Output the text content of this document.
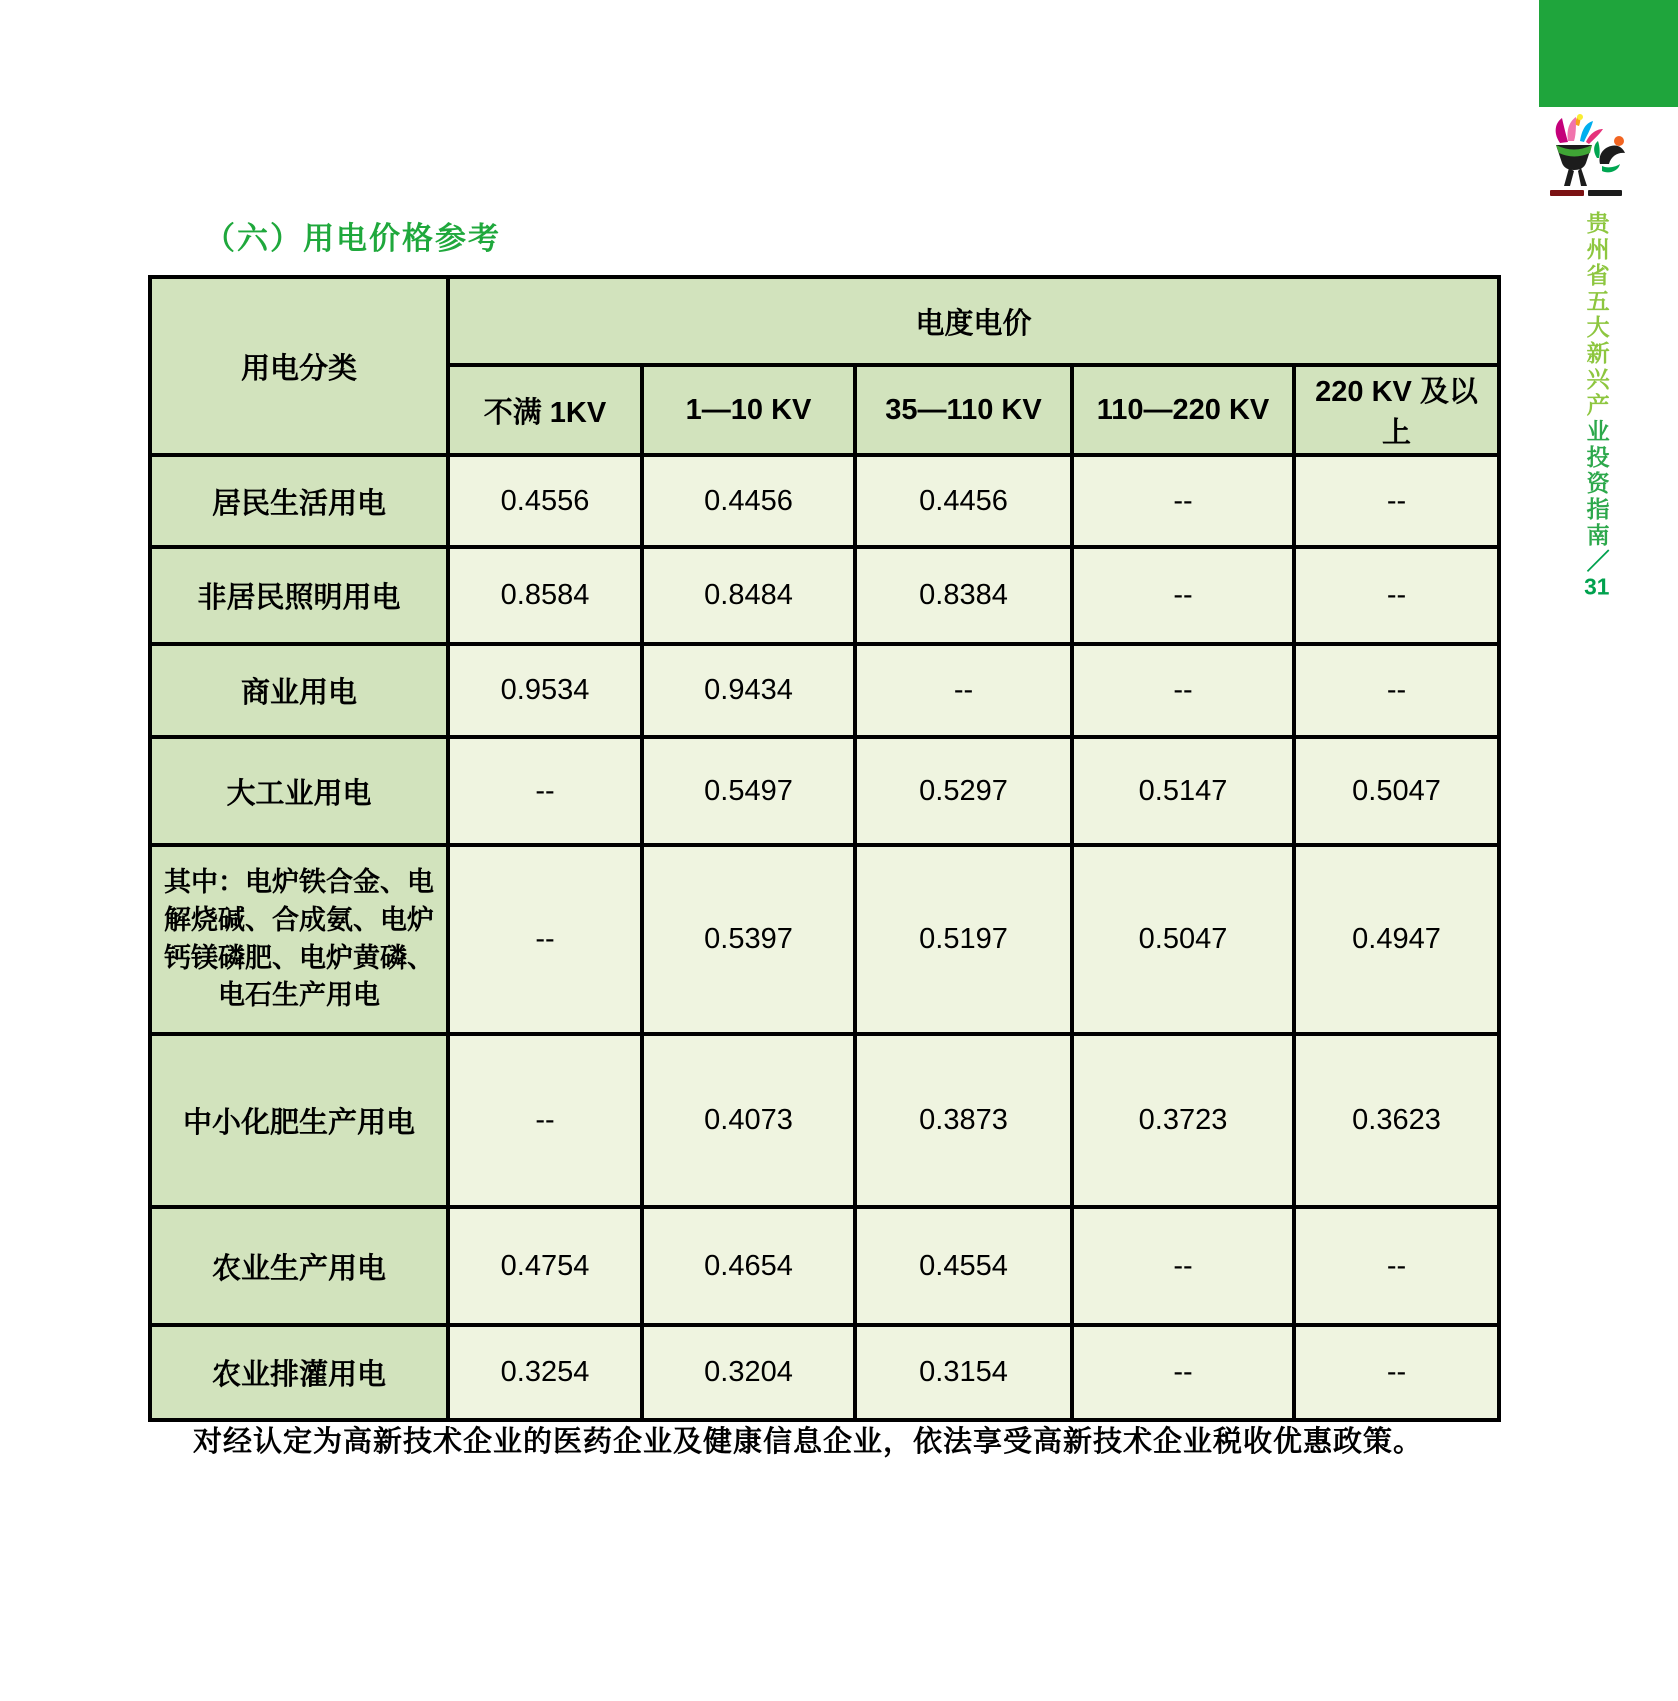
贵州省五大新兴产业投资指南／31
（六）用电价格参考
用电分类	电度电价				
	不满 1KV	1—10 KV	35—110 KV	110—220 KV	220 KV 及以上
居民生活用电	0.4556	0.4456	0.4456	--	--
非居民照明用电	0.8584	0.8484	0.8384	--	--
商业用电	0.9534	0.9434	--	--	--
大工业用电	--	0.5497	0.5297	0.5147	0.5047
其中：电炉铁合金、电解烧碱、合成氨、电炉钙镁磷肥、电炉黄磷、电石生产用电	--	0.5397	0.5197	0.5047	0.4947
中小化肥生产用电	--	0.4073	0.3873	0.3723	0.3623
农业生产用电	0.4754	0.4654	0.4554	--	--
农业排灌用电	0.3254	0.3204	0.3154	--	--

对经认定为高新技术企业的医药企业及健康信息企业，依法享受高新技术企业税收优惠政策。
